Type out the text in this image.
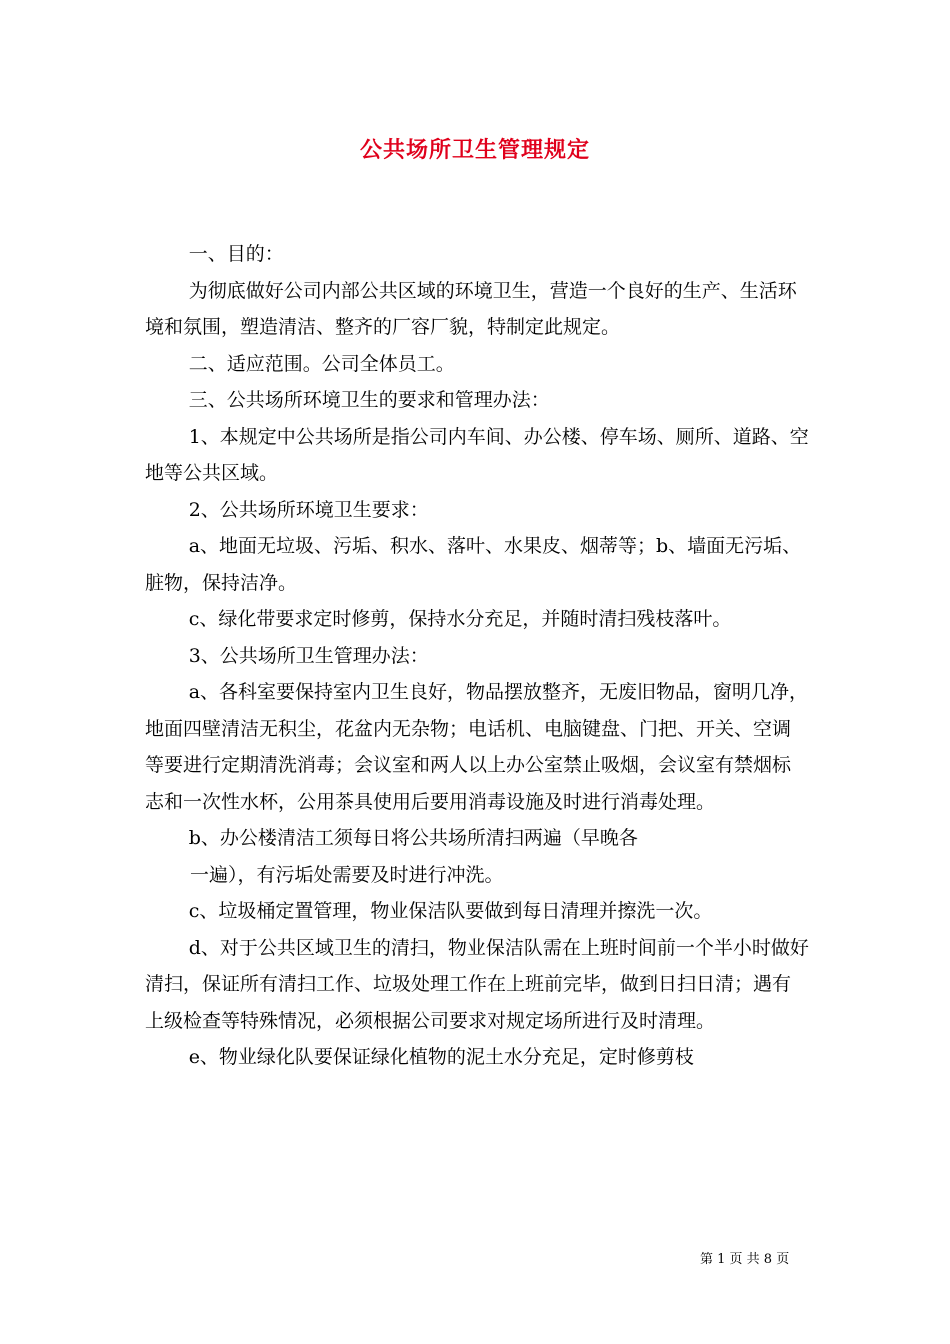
公共场所卫生管理规定

一、目的：

为彻底做好公司内部公共区域的环境卫生，营造一个良好的生产、生活环境和氛围，塑造清洁、整齐的厂容厂貌，特制定此规定。

二、适应范围。公司全体员工。

三、公共场所环境卫生的要求和管理办法：

1、本规定中公共场所是指公司内车间、办公楼、停车场、厕所、道路、空地等公共区域。

2、公共场所环境卫生要求：

a、地面无垃圾、污垢、积水、落叶、水果皮、烟蒂等；b、墙面无污垢、脏物，保持洁净。

c、绿化带要求定时修剪，保持水分充足，并随时清扫残枝落叶。

3、公共场所卫生管理办法：

a、各科室要保持室内卫生良好，物品摆放整齐，无废旧物品，窗明几净，地面四壁清洁无积尘，花盆内无杂物；电话机、电脑键盘、门把、开关、空调等要进行定期清洗消毒；会议室和两人以上办公室禁止吸烟，会议室有禁烟标志和一次性水杯，公用茶具使用后要用消毒设施及时进行消毒处理。

b、办公楼清洁工须每日将公共场所清扫两遍（早晚各

一遍），有污垢处需要及时进行冲洗。

c、垃圾桶定置管理，物业保洁队要做到每日清理并擦洗一次。

d、对于公共区域卫生的清扫，物业保洁队需在上班时间前一个半小时做好清扫，保证所有清扫工作、垃圾处理工作在上班前完毕，做到日扫日清；遇有上级检查等特殊情况，必须根据公司要求对规定场所进行及时清理。

e、物业绿化队要保证绿化植物的泥土水分充足，定时修剪枝

第 1 页 共 8 页
